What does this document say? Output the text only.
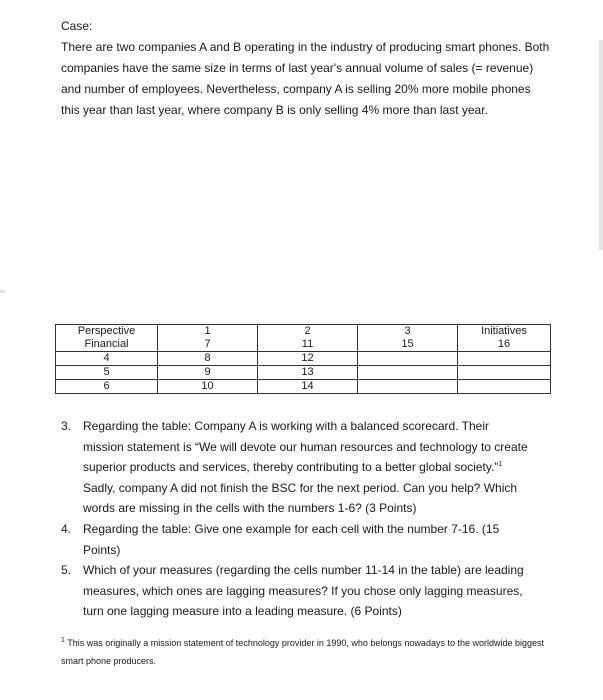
Case:

There are two companies A and B operating in the industry of producing smart phones. Both companies have the same size in terms of last year's annual volume of sales (= revenue) and number of employees. Nevertheless, company A is selling 20% more mobile phones this year than last year, where company B is only selling 4% more than last year.

Perspective	1	2	3	Initiatives
Financial	7	11	15	16
4	8	12		
5	9	13		
6	10	14		
3. Regarding the table: Company A is working with a balanced scorecard. Their mission statement is “We will devote our human resources and technology to create superior products and services, thereby contributing to a better global society.”$^1$ Sadly, company A did not finish the BSC for the next period. Can you help? Which words are missing in the cells with the numbers 1-6? (3 Points)
4. Regarding the table: Give one example for each cell with the number 7-16. (15 Points)
5. Which of your measures (regarding the cells number 11-14 in the table) are leading measures, which ones are lagging measures? If you chose only lagging measures, turn one lagging measure into a leading measure. (6 Points)
$^1$ This was originally a mission statement of technology provider in 1990, who belongs nowadays to the worldwide biggest smart phone producers.
